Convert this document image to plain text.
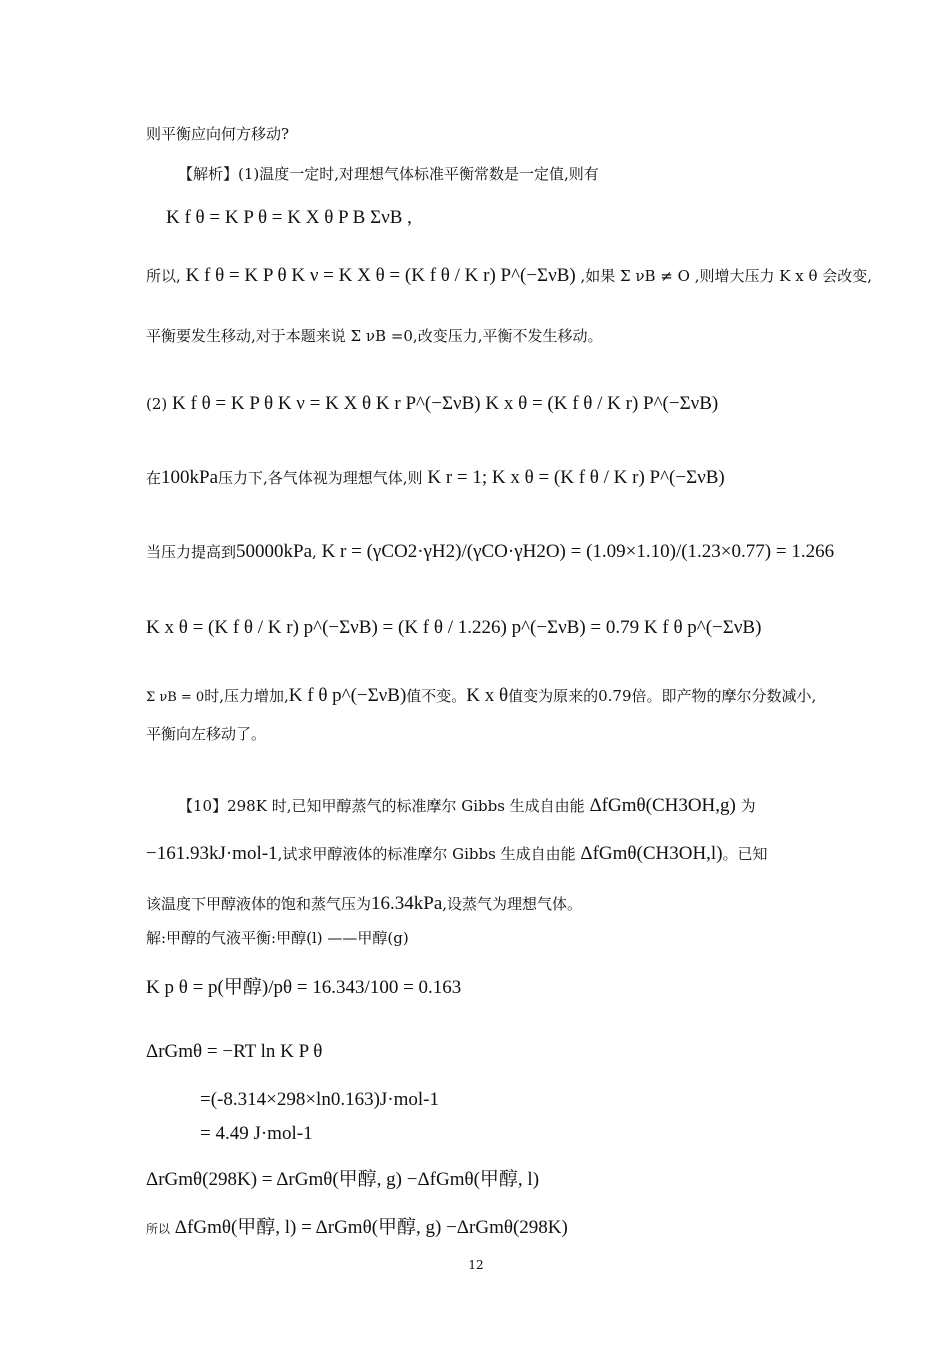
则平衡应向何方移动?
【解析】(1)温度一定时,对理想气体标准平衡常数是一定值,则有
K f θ = K P θ = K X θ P B ΣνB ,
所以, K f θ = K P θ K ν = K X θ = (K f θ / K r) P^(−ΣνB) ,如果 Σ νB ≠ O ,则增大压力 K x θ 会改变,
平衡要发生移动,对于本题来说 Σ νB =0,改变压力,平衡不发生移动。
(2) K f θ = K P θ K ν = K X θ K r P^(−ΣνB) K x θ = (K f θ / K r) P^(−ΣνB)
在100kPa压力下,各气体视为理想气体,则 K r = 1; K x θ = (K f θ / K r) P^(−ΣνB)
当压力提高到50000kPa, K r = (γCO2·γH2)/(γCO·γH2O) = (1.09×1.10)/(1.23×0.77) = 1.266
K x θ = (K f θ / K r) p^(−ΣνB) = (K f θ / 1.226) p^(−ΣνB) = 0.79 K f θ p^(−ΣνB)
Σ νB = 0时,压力增加,K f θ p^(−ΣνB)值不变。K x θ值变为原来的0.79倍。即产物的摩尔分数减小,
平衡向左移动了。
【10】298K 时,已知甲醇蒸气的标准摩尔 Gibbs 生成自由能 ΔfGmθ(CH3OH,g) 为
−161.93kJ·mol-1,试求甲醇液体的标准摩尔 Gibbs 生成自由能 ΔfGmθ(CH3OH,l)。已知
该温度下甲醇液体的饱和蒸气压为16.34kPa,设蒸气为理想气体。
解:甲醇的气液平衡:甲醇(l) ——甲醇(g)
K p θ = p(甲醇)/pθ = 16.343/100 = 0.163
ΔrGmθ = −RT ln K P θ
=(-8.314×298×ln0.163)J·mol-1
= 4.49 J·mol-1
ΔrGmθ(298K) = ΔrGmθ(甲醇, g) −ΔfGmθ(甲醇, l)
所以 ΔfGmθ(甲醇, l) = ΔrGmθ(甲醇, g) −ΔrGmθ(298K)
12
